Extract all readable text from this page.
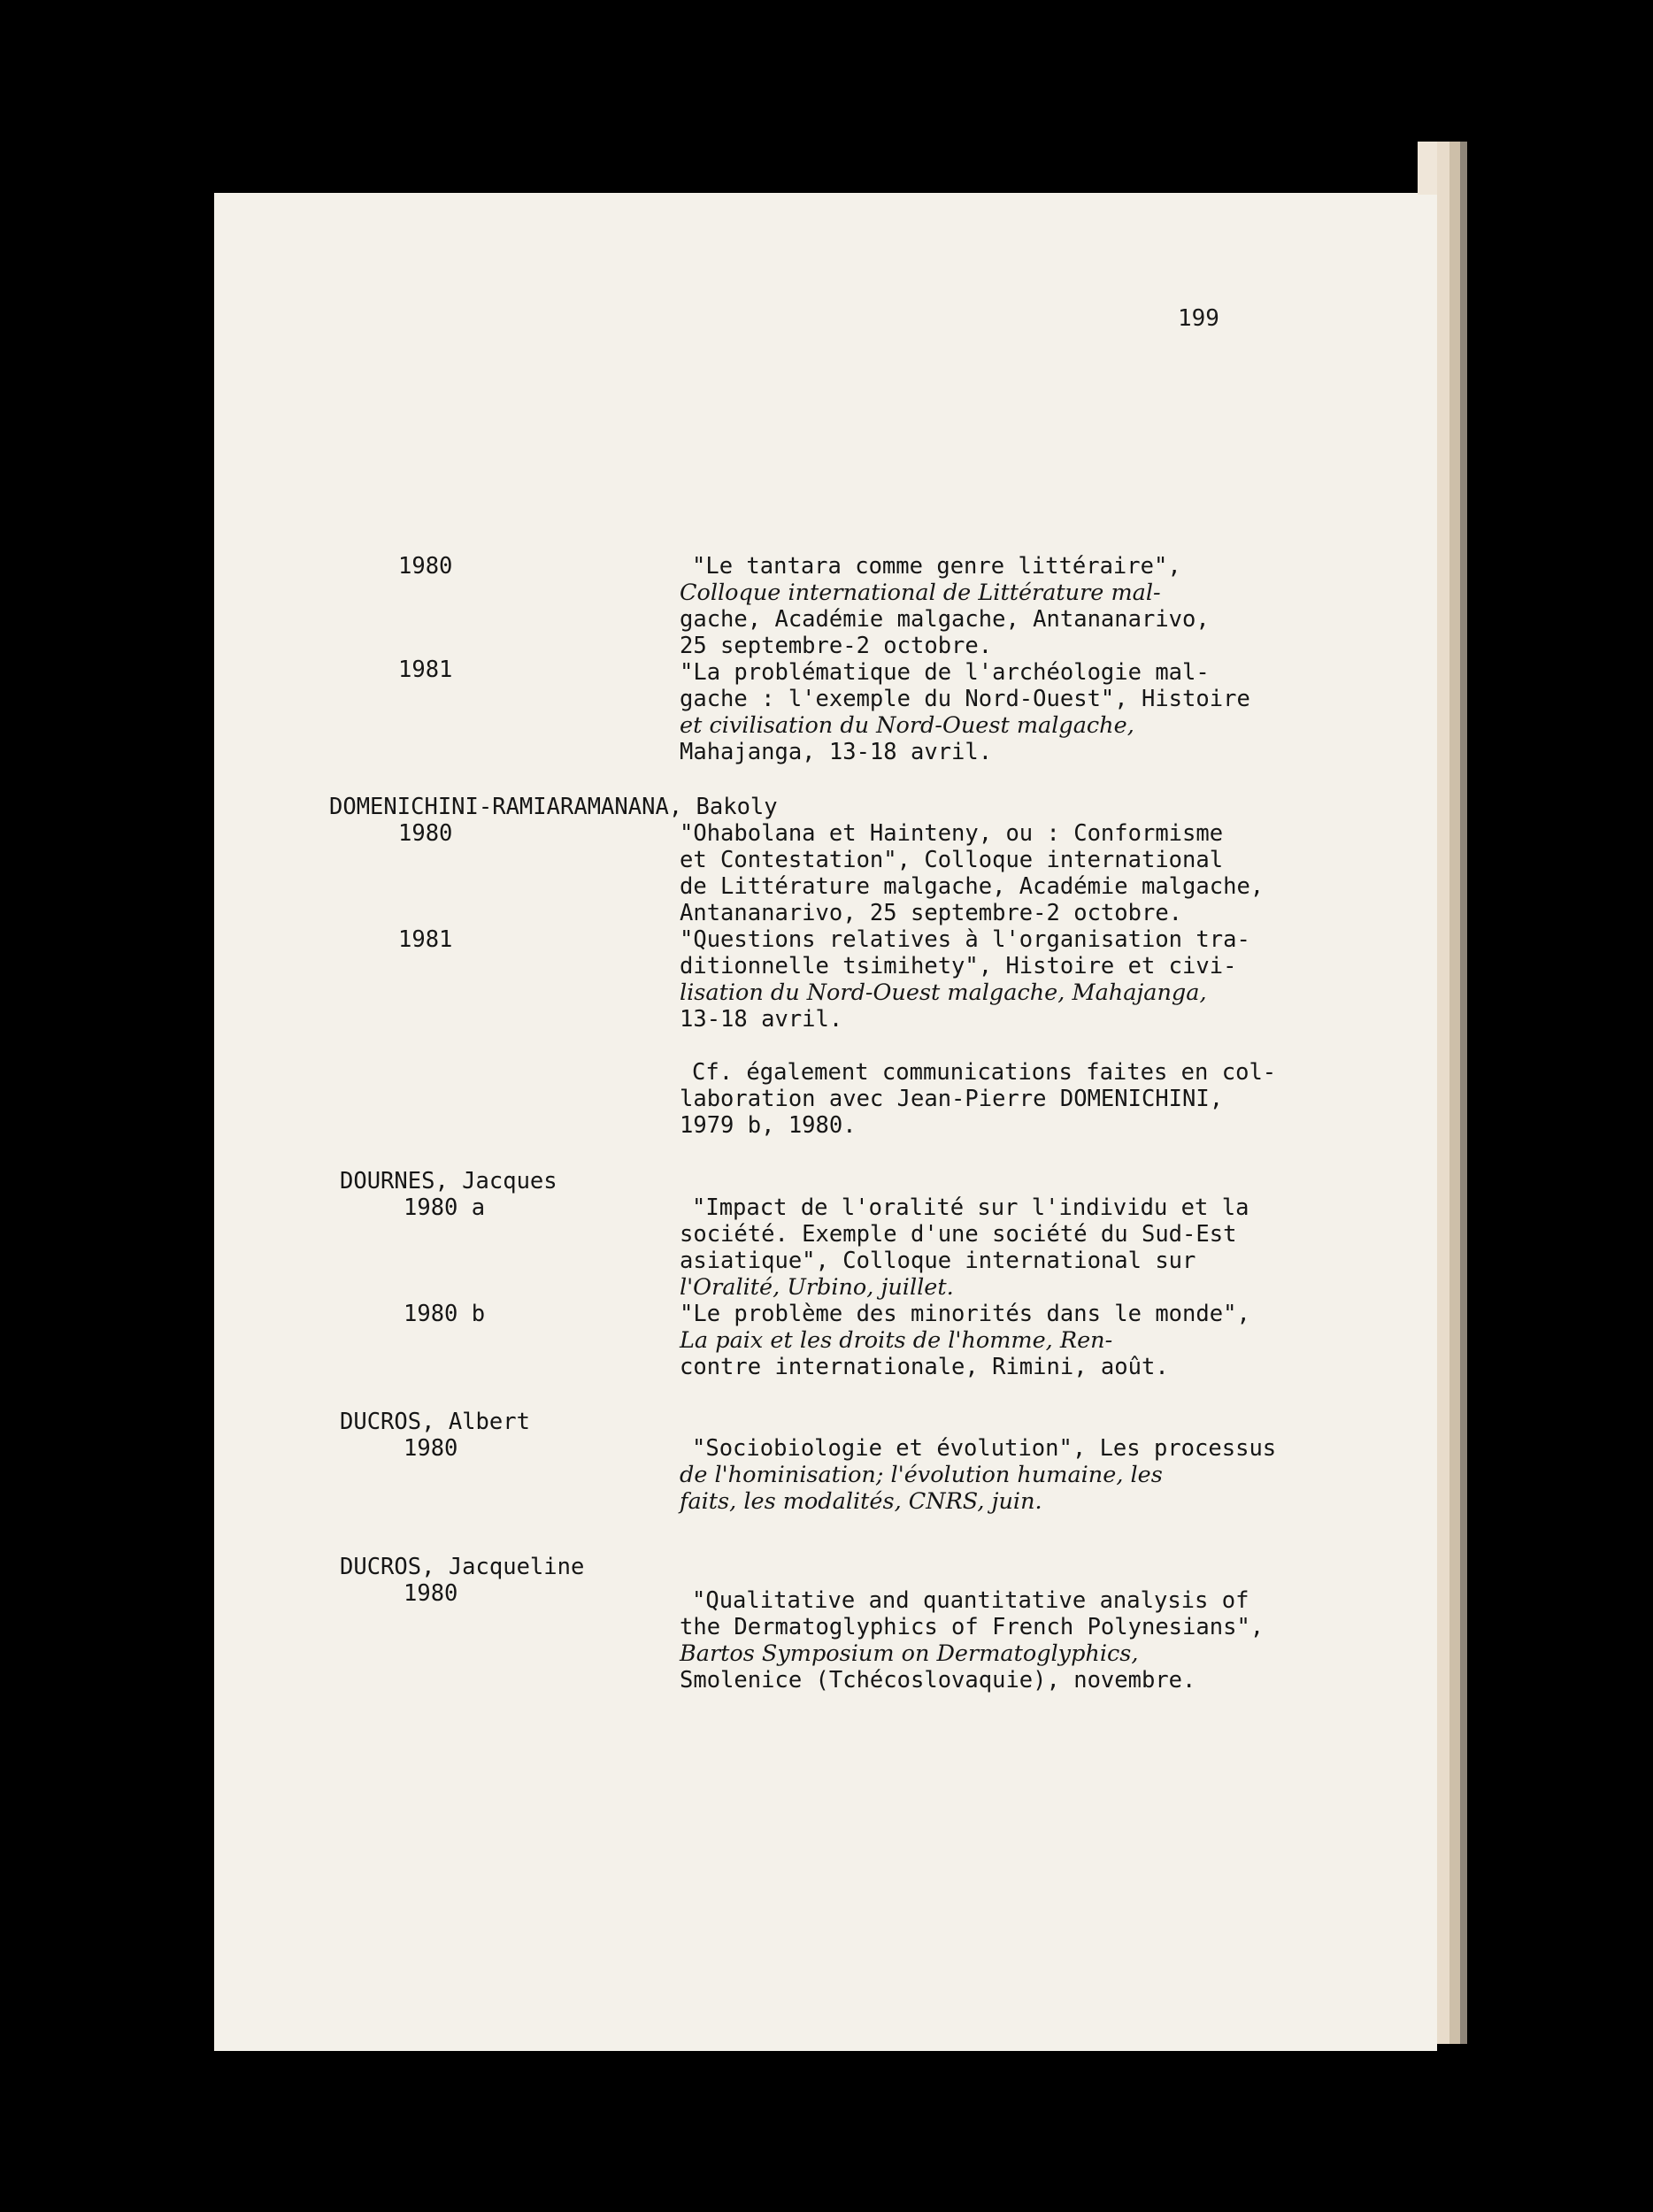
199
1980	"Le tantara comme genre littéraire",
Colloque international de Littérature mal-
gache, Académie malgache, Antananarivo,
25 septembre-2 octobre.
1981	"La problématique de l'archéologie mal-
gache : l'exemple du Nord-Ouest", Histoire
et civilisation du Nord-Ouest malgache,
Mahajanga, 13-18 avril.
DOMENICHINI-RAMIARAMANANA, Bakoly
1980	"Ohabolana et Hainteny, ou : Conformisme
et Contestation", Colloque international
de Littérature malgache, Académie malgache,
Antananarivo, 25 septembre-2 octobre.
1981	"Questions relatives à l'organisation tra-
ditionnelle tsimihety", Histoire et civi-
lisation du Nord-Ouest malgache, Mahajanga,
13-18 avril.
Cf. également communications faites en col-
laboration avec Jean-Pierre DOMENICHINI,
1979 b, 1980.
DOURNES, Jacques
1980 a	"Impact de l'oralité sur l'individu et la
société. Exemple d'une société du Sud-Est
asiatique", Colloque international sur
l'Oralité, Urbino, juillet.
1980 b	"Le problème des minorités dans le monde",
La paix et les droits de l'homme, Ren-
contre internationale, Rimini, août.
DUCROS, Albert
1980	"Sociobiologie et évolution", Les processus
de l'hominisation; l'évolution humaine, les
faits, les modalités, CNRS, juin.
DUCROS, Jacqueline
1980	"Qualitative and quantitative analysis of
the Dermatoglyphics of French Polynesians",
Bartos Symposium on Dermatoglyphics,
Smolenice (Tchécoslovaquie), novembre.
